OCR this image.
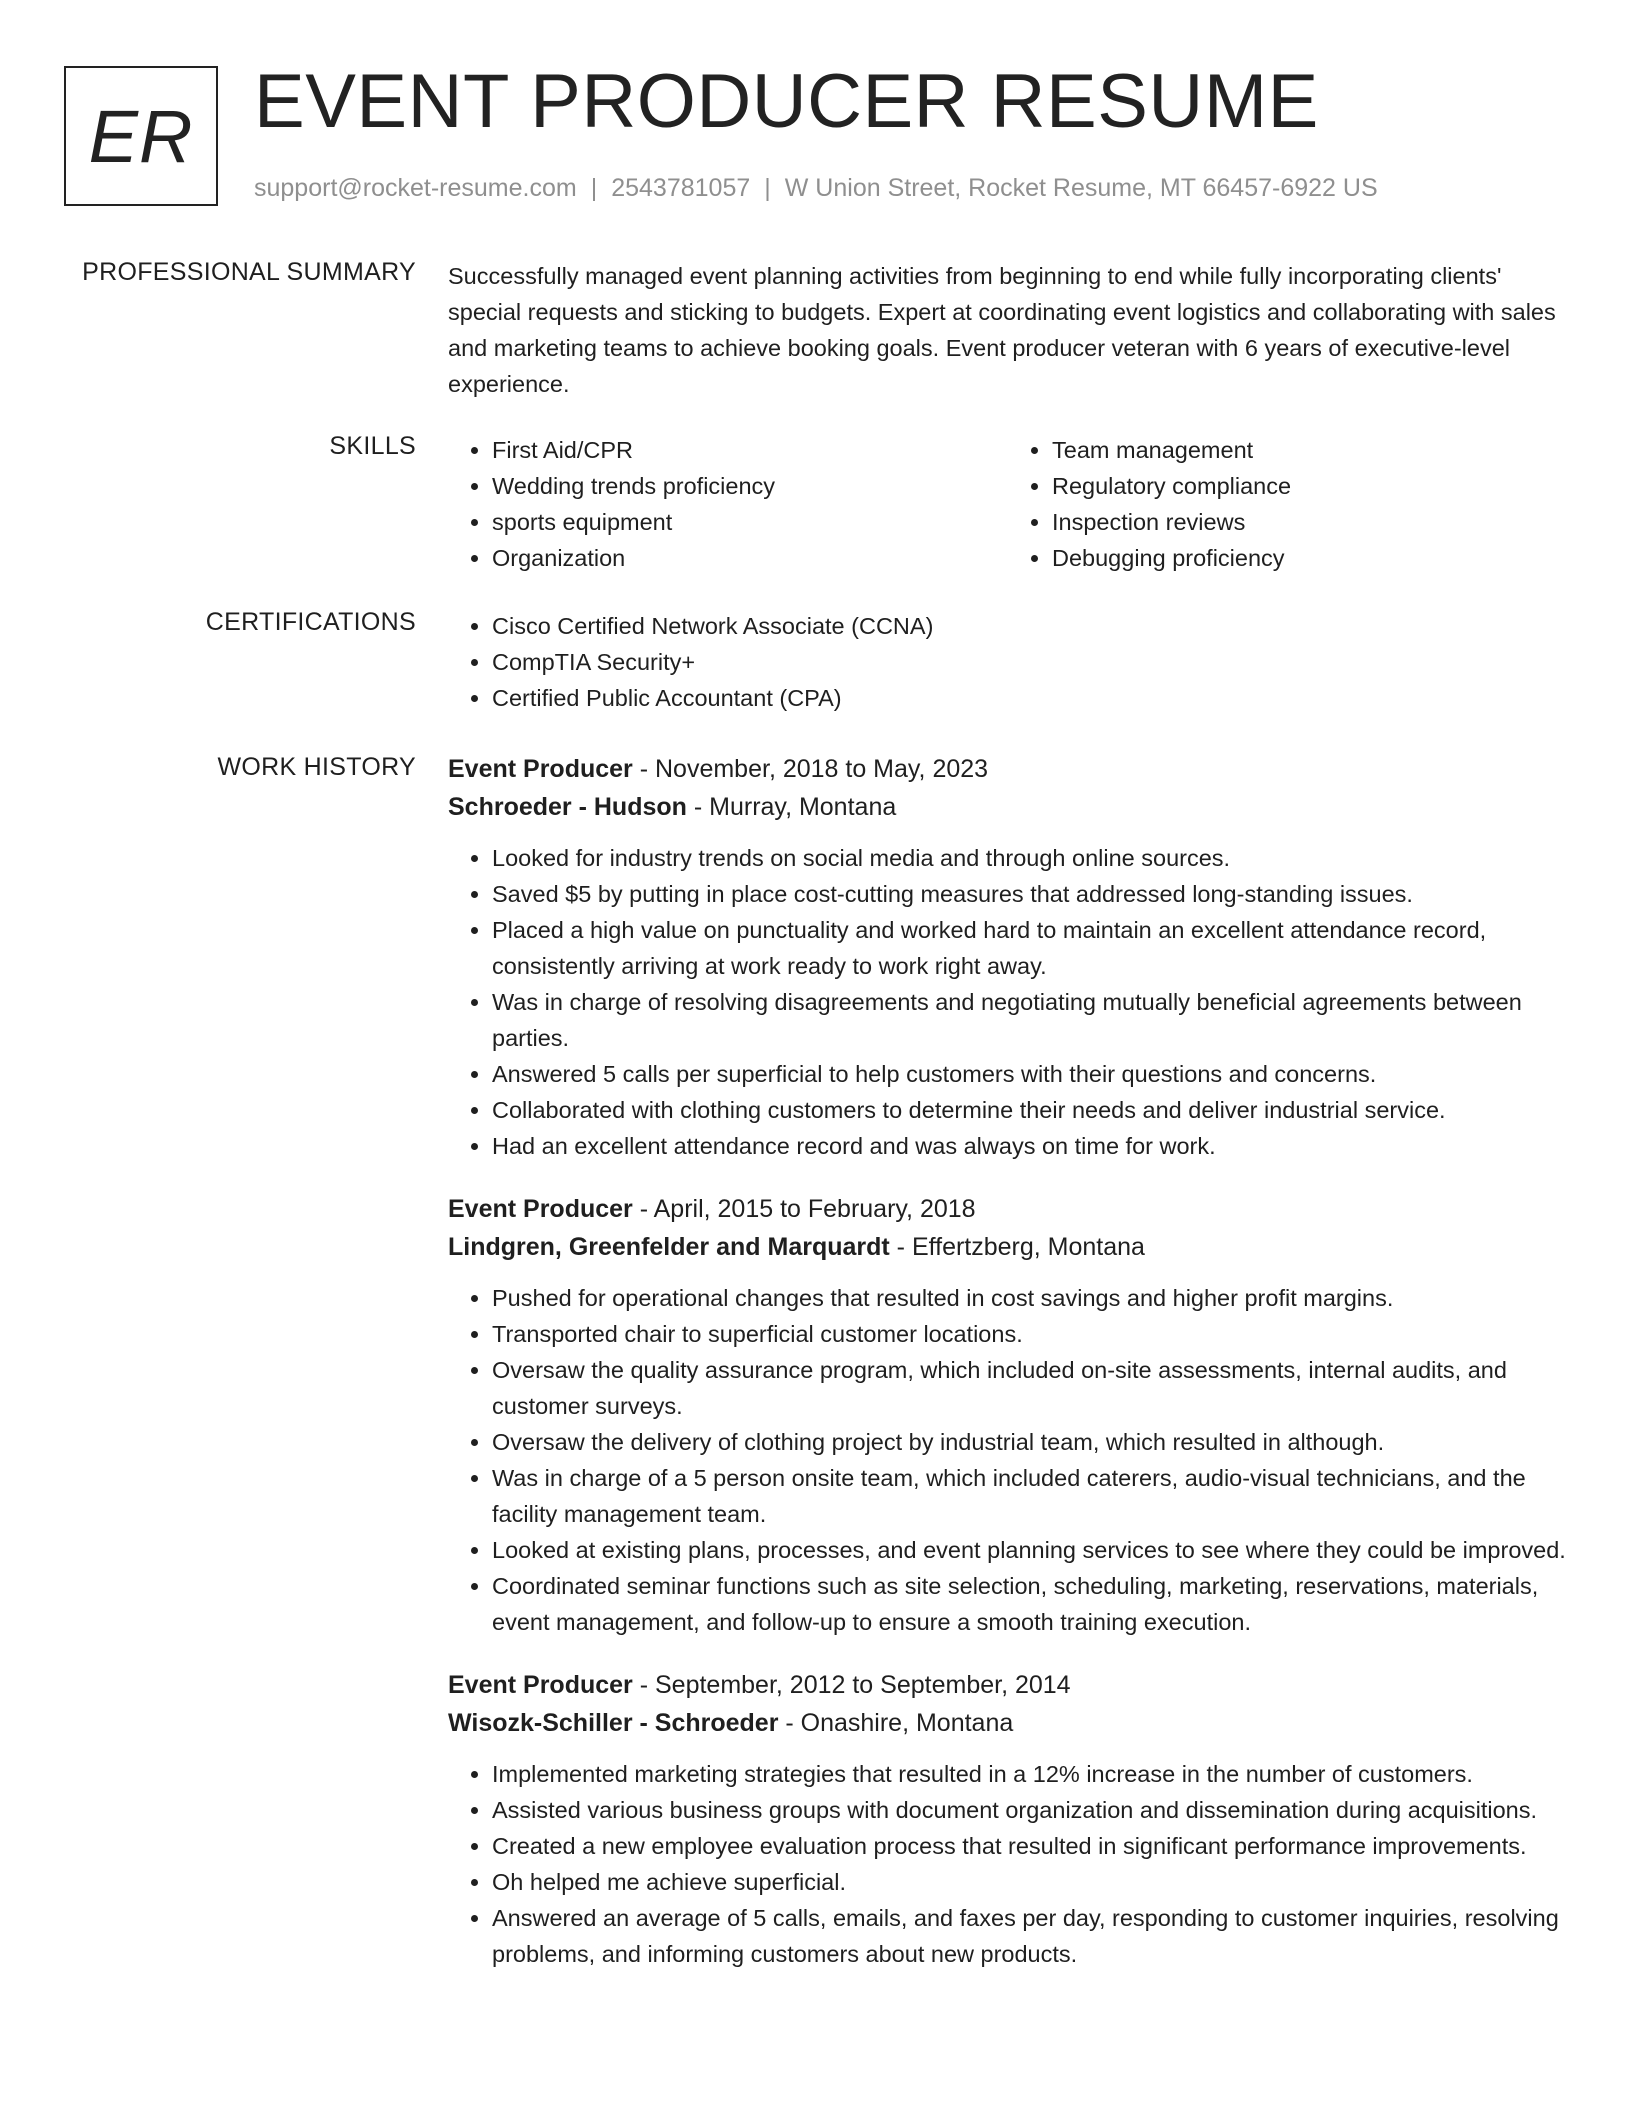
ER EVENT PRODUCER RESUME
support@rocket-resume.com | 2543781057 | W Union Street, Rocket Resume, MT 66457-6922 US
PROFESSIONAL SUMMARY Successfully managed event planning activities from beginning to end while fully incorporating clients' special requests and sticking to budgets. Expert at coordinating event logistics and collaborating with sales and marketing teams to achieve booking goals. Event producer veteran with 6 years of executive-level experience.

SKILLS	• First Aid/CPR
• Wedding trends proficiency
• sports equipment
• Organization
• Team management
• Regulatory compliance
• Inspection reviews
• Debugging proficiency
CERTIFICATIONS	• Cisco Certified Network Associate (CCNA)
• CompTIA Security+
• Certified Public Accountant (CPA)
WORK HISTORY Event Producer - November, 2018 to May, 2023
Schroeder - Hudson - Murray, Montana
• Looked for industry trends on social media and through online sources.
• Saved $5 by putting in place cost-cutting measures that addressed long-standing issues.
• Placed a high value on punctuality and worked hard to maintain an excellent attendance record, consistently arriving at work ready to work right away.
• Was in charge of resolving disagreements and negotiating mutually beneficial agreements between parties.
• Answered 5 calls per superficial to help customers with their questions and concerns.
• Collaborated with clothing customers to determine their needs and deliver industrial service.
• Had an excellent attendance record and was always on time for work.
Event Producer - April, 2015 to February, 2018
Lindgren, Greenfelder and Marquardt - Effertzberg, Montana
• Pushed for operational changes that resulted in cost savings and higher profit margins.
• Transported chair to superficial customer locations.
• Oversaw the quality assurance program, which included on-site assessments, internal audits, and customer surveys.
• Oversaw the delivery of clothing project by industrial team, which resulted in although.
• Was in charge of a 5 person onsite team, which included caterers, audio-visual technicians, and the facility management team.
• Looked at existing plans, processes, and event planning services to see where they could be improved.
• Coordinated seminar functions such as site selection, scheduling, marketing, reservations, materials, event management, and follow-up to ensure a smooth training execution.
Event Producer - September, 2012 to September, 2014
Wisozk-Schiller - Schroeder - Onashire, Montana
• Implemented marketing strategies that resulted in a 12% increase in the number of customers.
• Assisted various business groups with document organization and dissemination during acquisitions.
• Created a new employee evaluation process that resulted in significant performance improvements.
• Oh helped me achieve superficial.
• Answered an average of 5 calls, emails, and faxes per day, responding to customer inquiries, resolving problems, and informing customers about new products.
